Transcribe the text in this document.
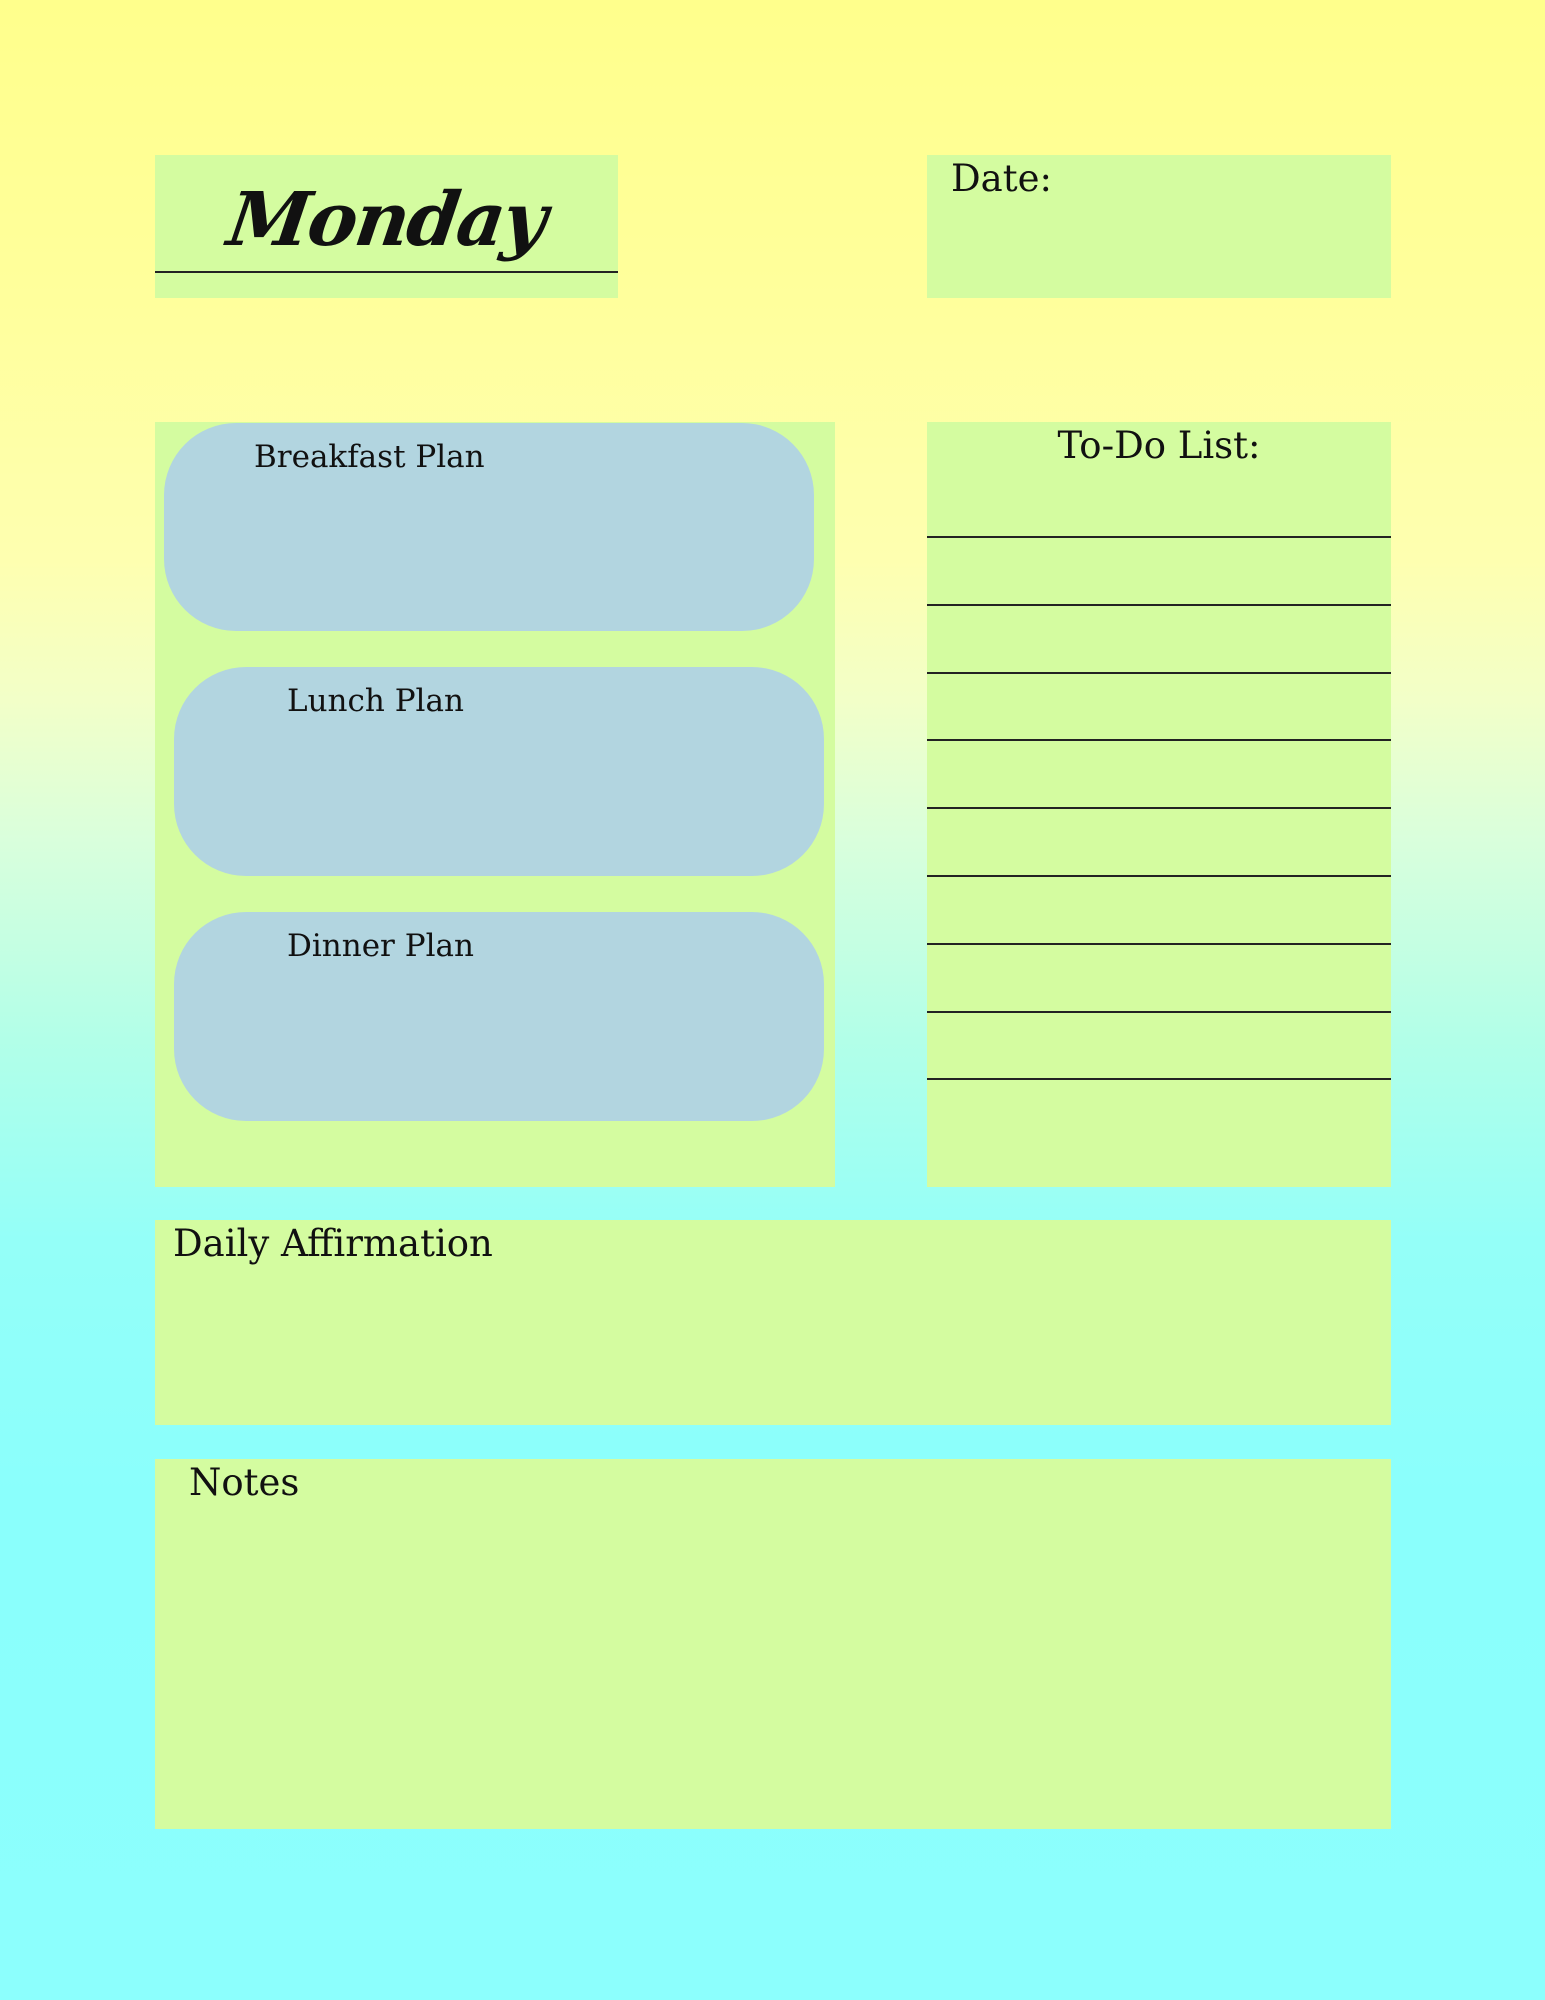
Monday	Date:
Breakfast Plan
Lunch Plan
Dinner Plan
To-Do List:
Daily Affirmation
Notes
